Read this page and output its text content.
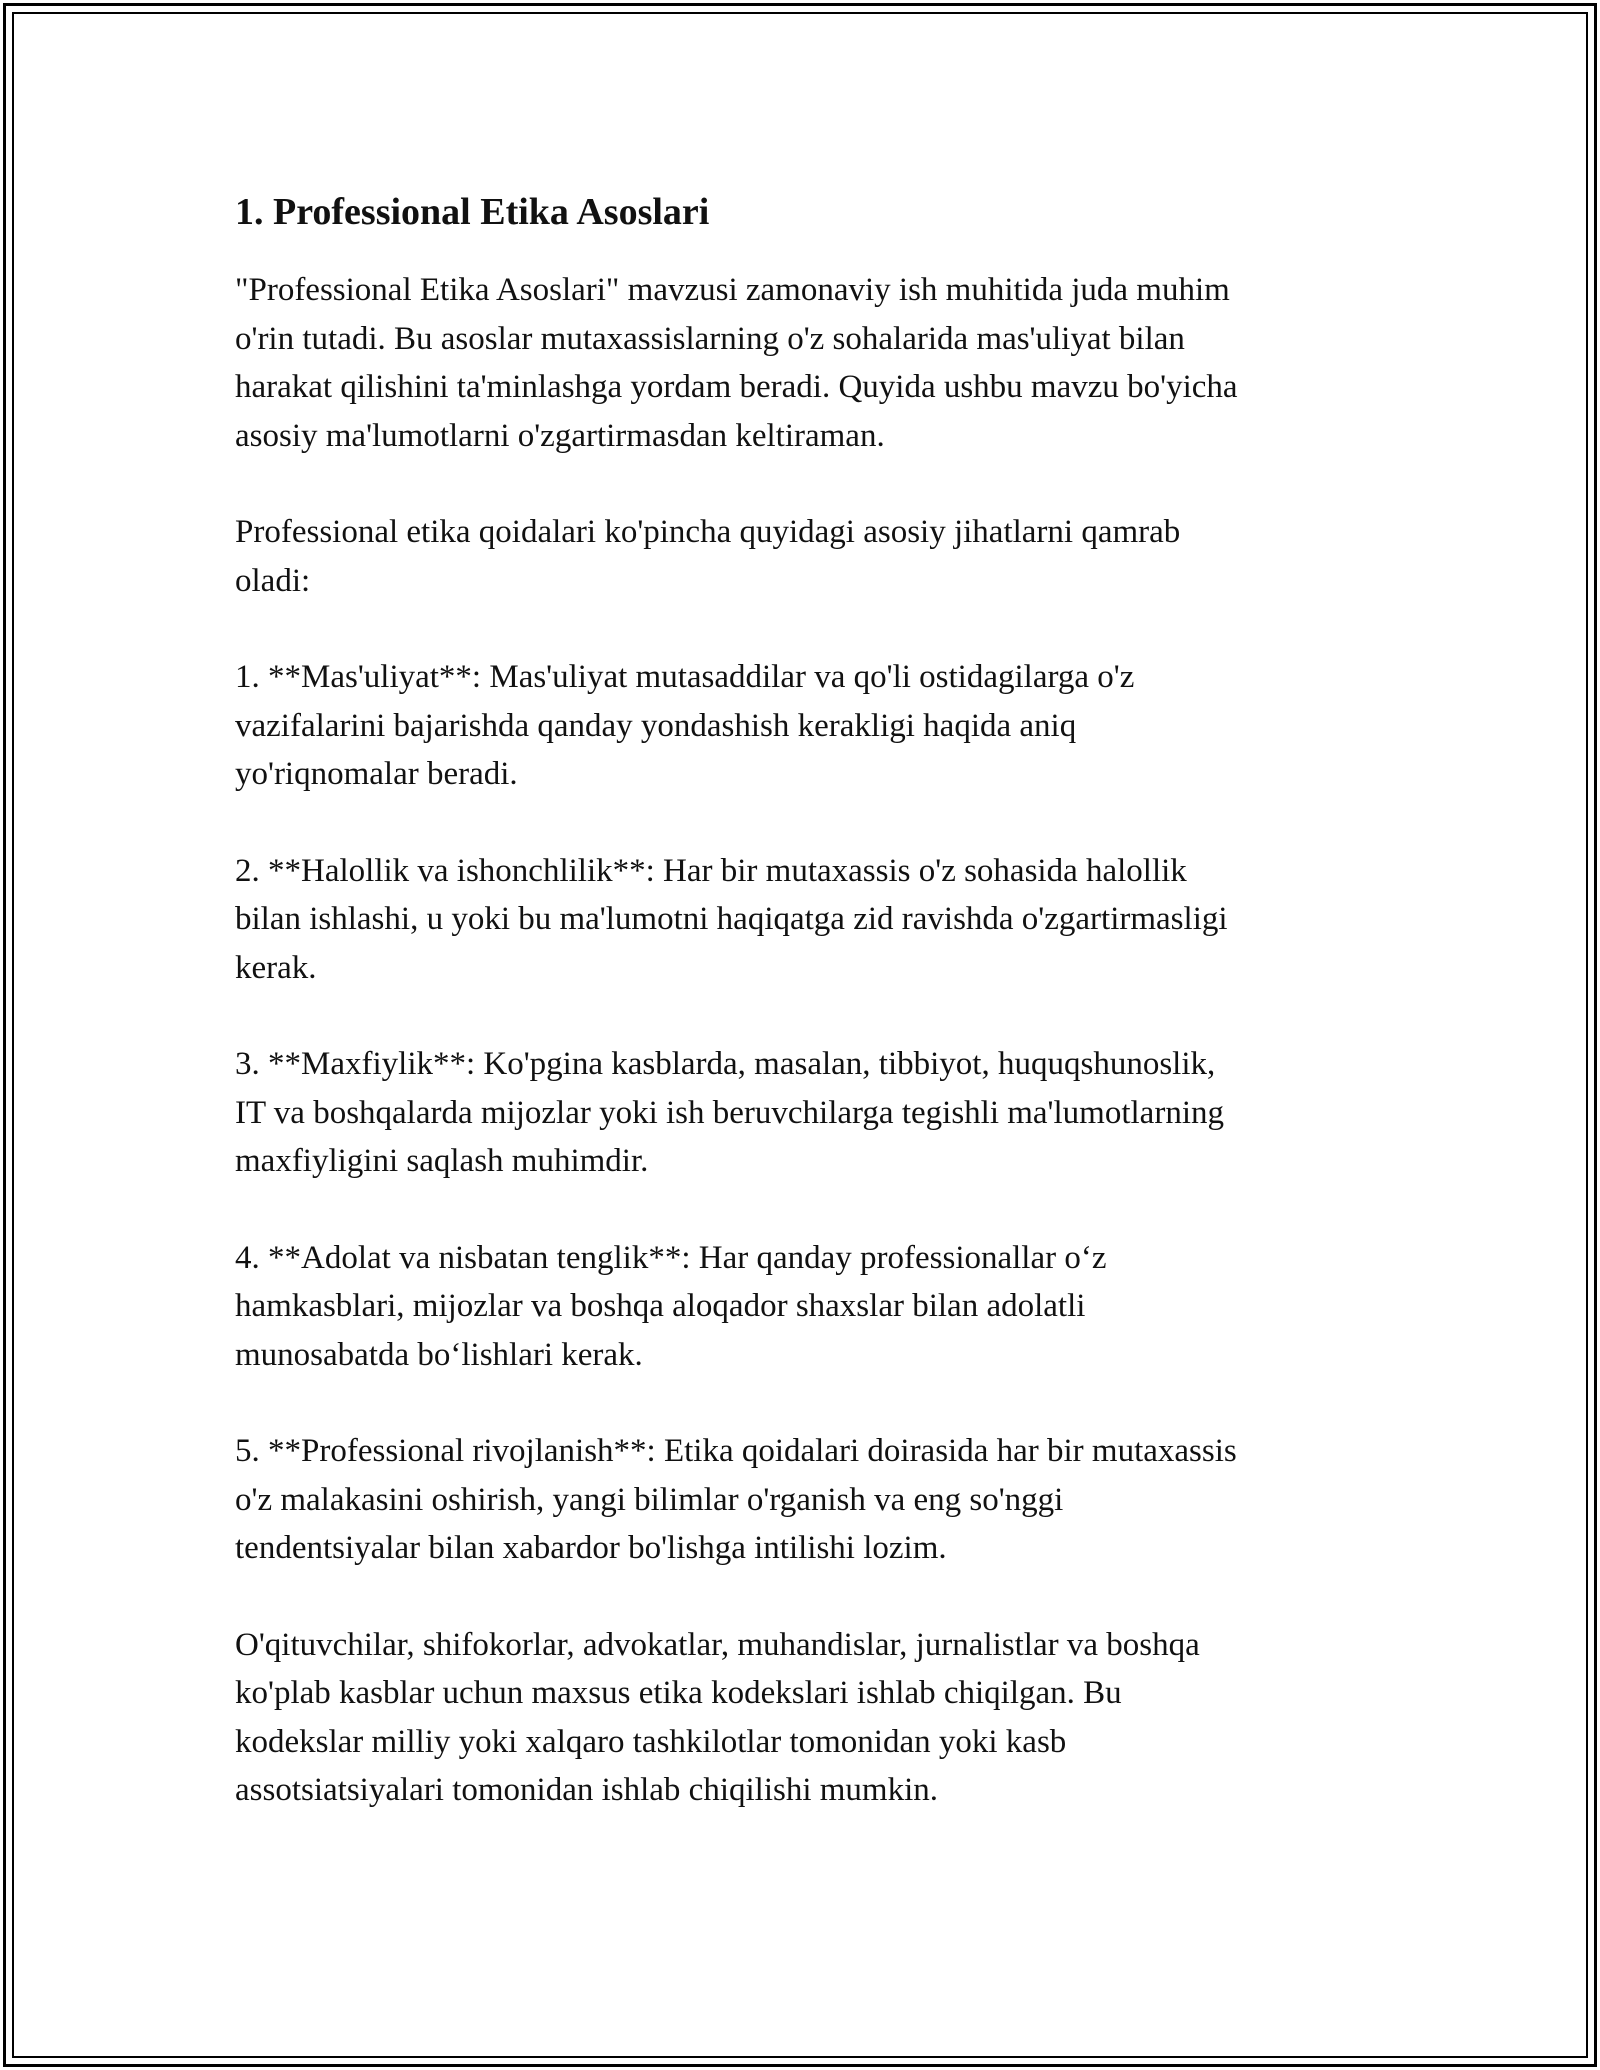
1. Professional Etika Asoslari

"Professional Etika Asoslari" mavzusi zamonaviy ish muhitida juda muhim
o'rin tutadi. Bu asoslar mutaxassislarning o'z sohalarida mas'uliyat bilan
harakat qilishini ta'minlashga yordam beradi. Quyida ushbu mavzu bo'yicha
asosiy ma'lumotlarni o'zgartirmasdan keltiraman.

Professional etika qoidalari ko'pincha quyidagi asosiy jihatlarni qamrab
oladi:

1. **Mas'uliyat**: Mas'uliyat mutasaddilar va qo'li ostidagilarga o'z
vazifalarini bajarishda qanday yondashish kerakligi haqida aniq
yo'riqnomalar beradi.

2. **Halollik va ishonchlilik**: Har bir mutaxassis o'z sohasida halollik
bilan ishlashi, u yoki bu ma'lumotni haqiqatga zid ravishda o'zgartirmasligi
kerak.

3. **Maxfiylik**: Ko'pgina kasblarda, masalan, tibbiyot, huquqshunoslik,
IT va boshqalarda mijozlar yoki ish beruvchilarga tegishli ma'lumotlarning
maxfiyligini saqlash muhimdir.

4. **Adolat va nisbatan tenglik**: Har qanday professionallar o‘z
hamkasblari, mijozlar va boshqa aloqador shaxslar bilan adolatli
munosabatda bo‘lishlari kerak.

5. **Professional rivojlanish**: Etika qoidalari doirasida har bir mutaxassis
o'z malakasini oshirish, yangi bilimlar o'rganish va eng so'nggi
tendentsiyalar bilan xabardor bo'lishga intilishi lozim.

O'qituvchilar, shifokorlar, advokatlar, muhandislar, jurnalistlar va boshqa
ko'plab kasblar uchun maxsus etika kodekslari ishlab chiqilgan. Bu
kodekslar milliy yoki xalqaro tashkilotlar tomonidan yoki kasb
assotsiatsiyalari tomonidan ishlab chiqilishi mumkin.
